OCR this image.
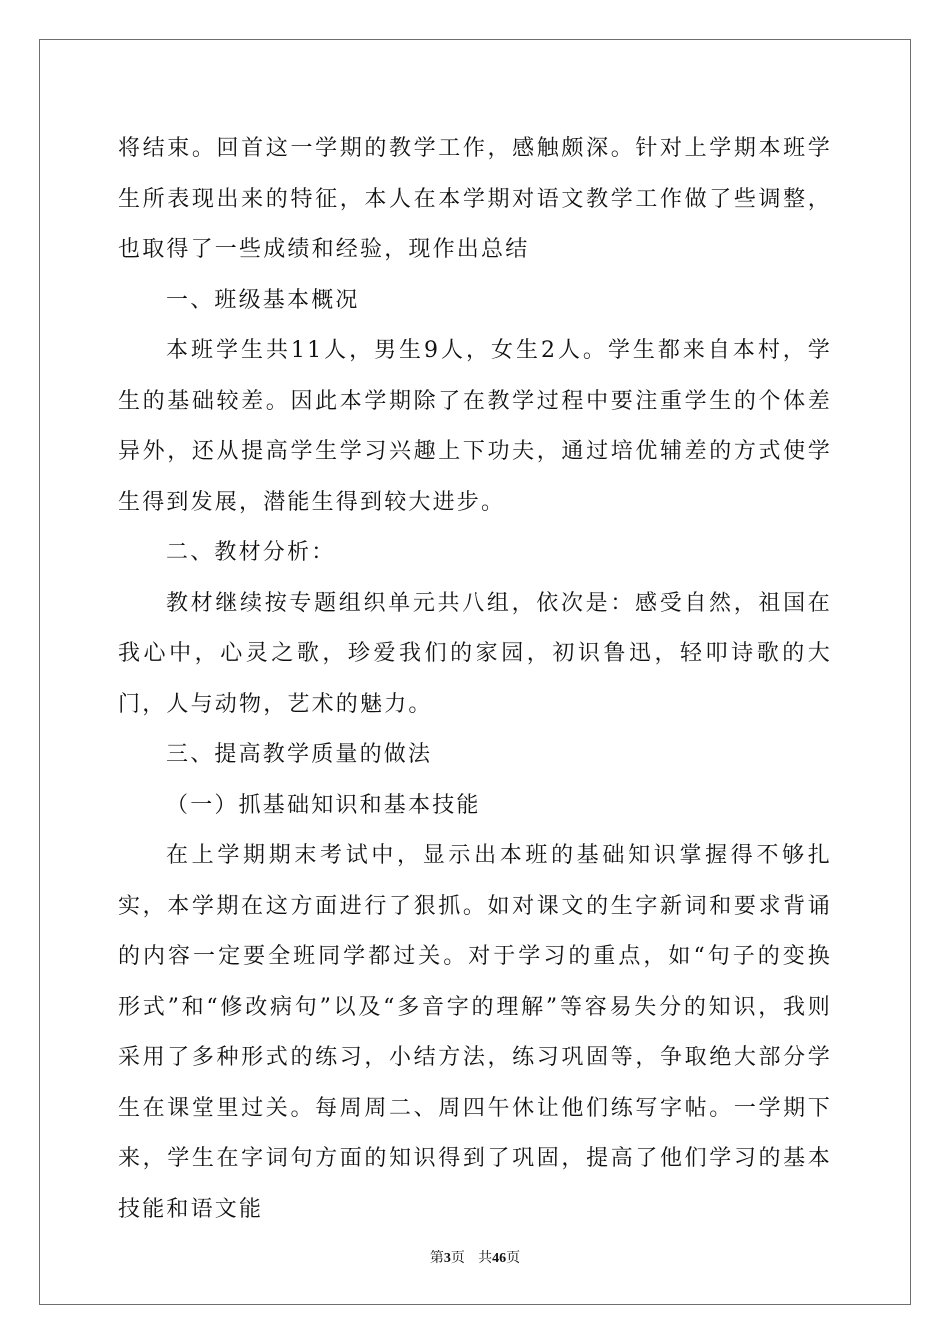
将结束。回首这一学期的教学工作，感触颇深。针对上学期本班学生所表现出来的特征，本人在本学期对语文教学工作做了些调整，也取得了一些成绩和经验，现作出总结

一、班级基本概况

本班学生共11人，男生9人，女生2人。学生都来自本村，学生的基础较差。因此本学期除了在教学过程中要注重学生的个体差异外，还从提高学生学习兴趣上下功夫，通过培优辅差的方式使学生得到发展，潜能生得到较大进步。

二、教材分析：

教材继续按专题组织单元共八组，依次是：感受自然，祖国在我心中，心灵之歌，珍爱我们的家园，初识鲁迅，轻叩诗歌的大门，人与动物，艺术的魅力。

三、提高教学质量的做法

（一）抓基础知识和基本技能

在上学期期末考试中，显示出本班的基础知识掌握得不够扎实，本学期在这方面进行了狠抓。如对课文的生字新词和要求背诵的内容一定要全班同学都过关。对于学习的重点，如“句子的变换形式”和“修改病句”以及“多音字的理解”等容易失分的知识，我则采用了多种形式的练习，小结方法，练习巩固等，争取绝大部分学生在课堂里过关。每周周二、周四午休让他们练写字帖。一学期下来，学生在字词句方面的知识得到了巩固，提高了他们学习的基本技能和语文能

第3页 共46页
